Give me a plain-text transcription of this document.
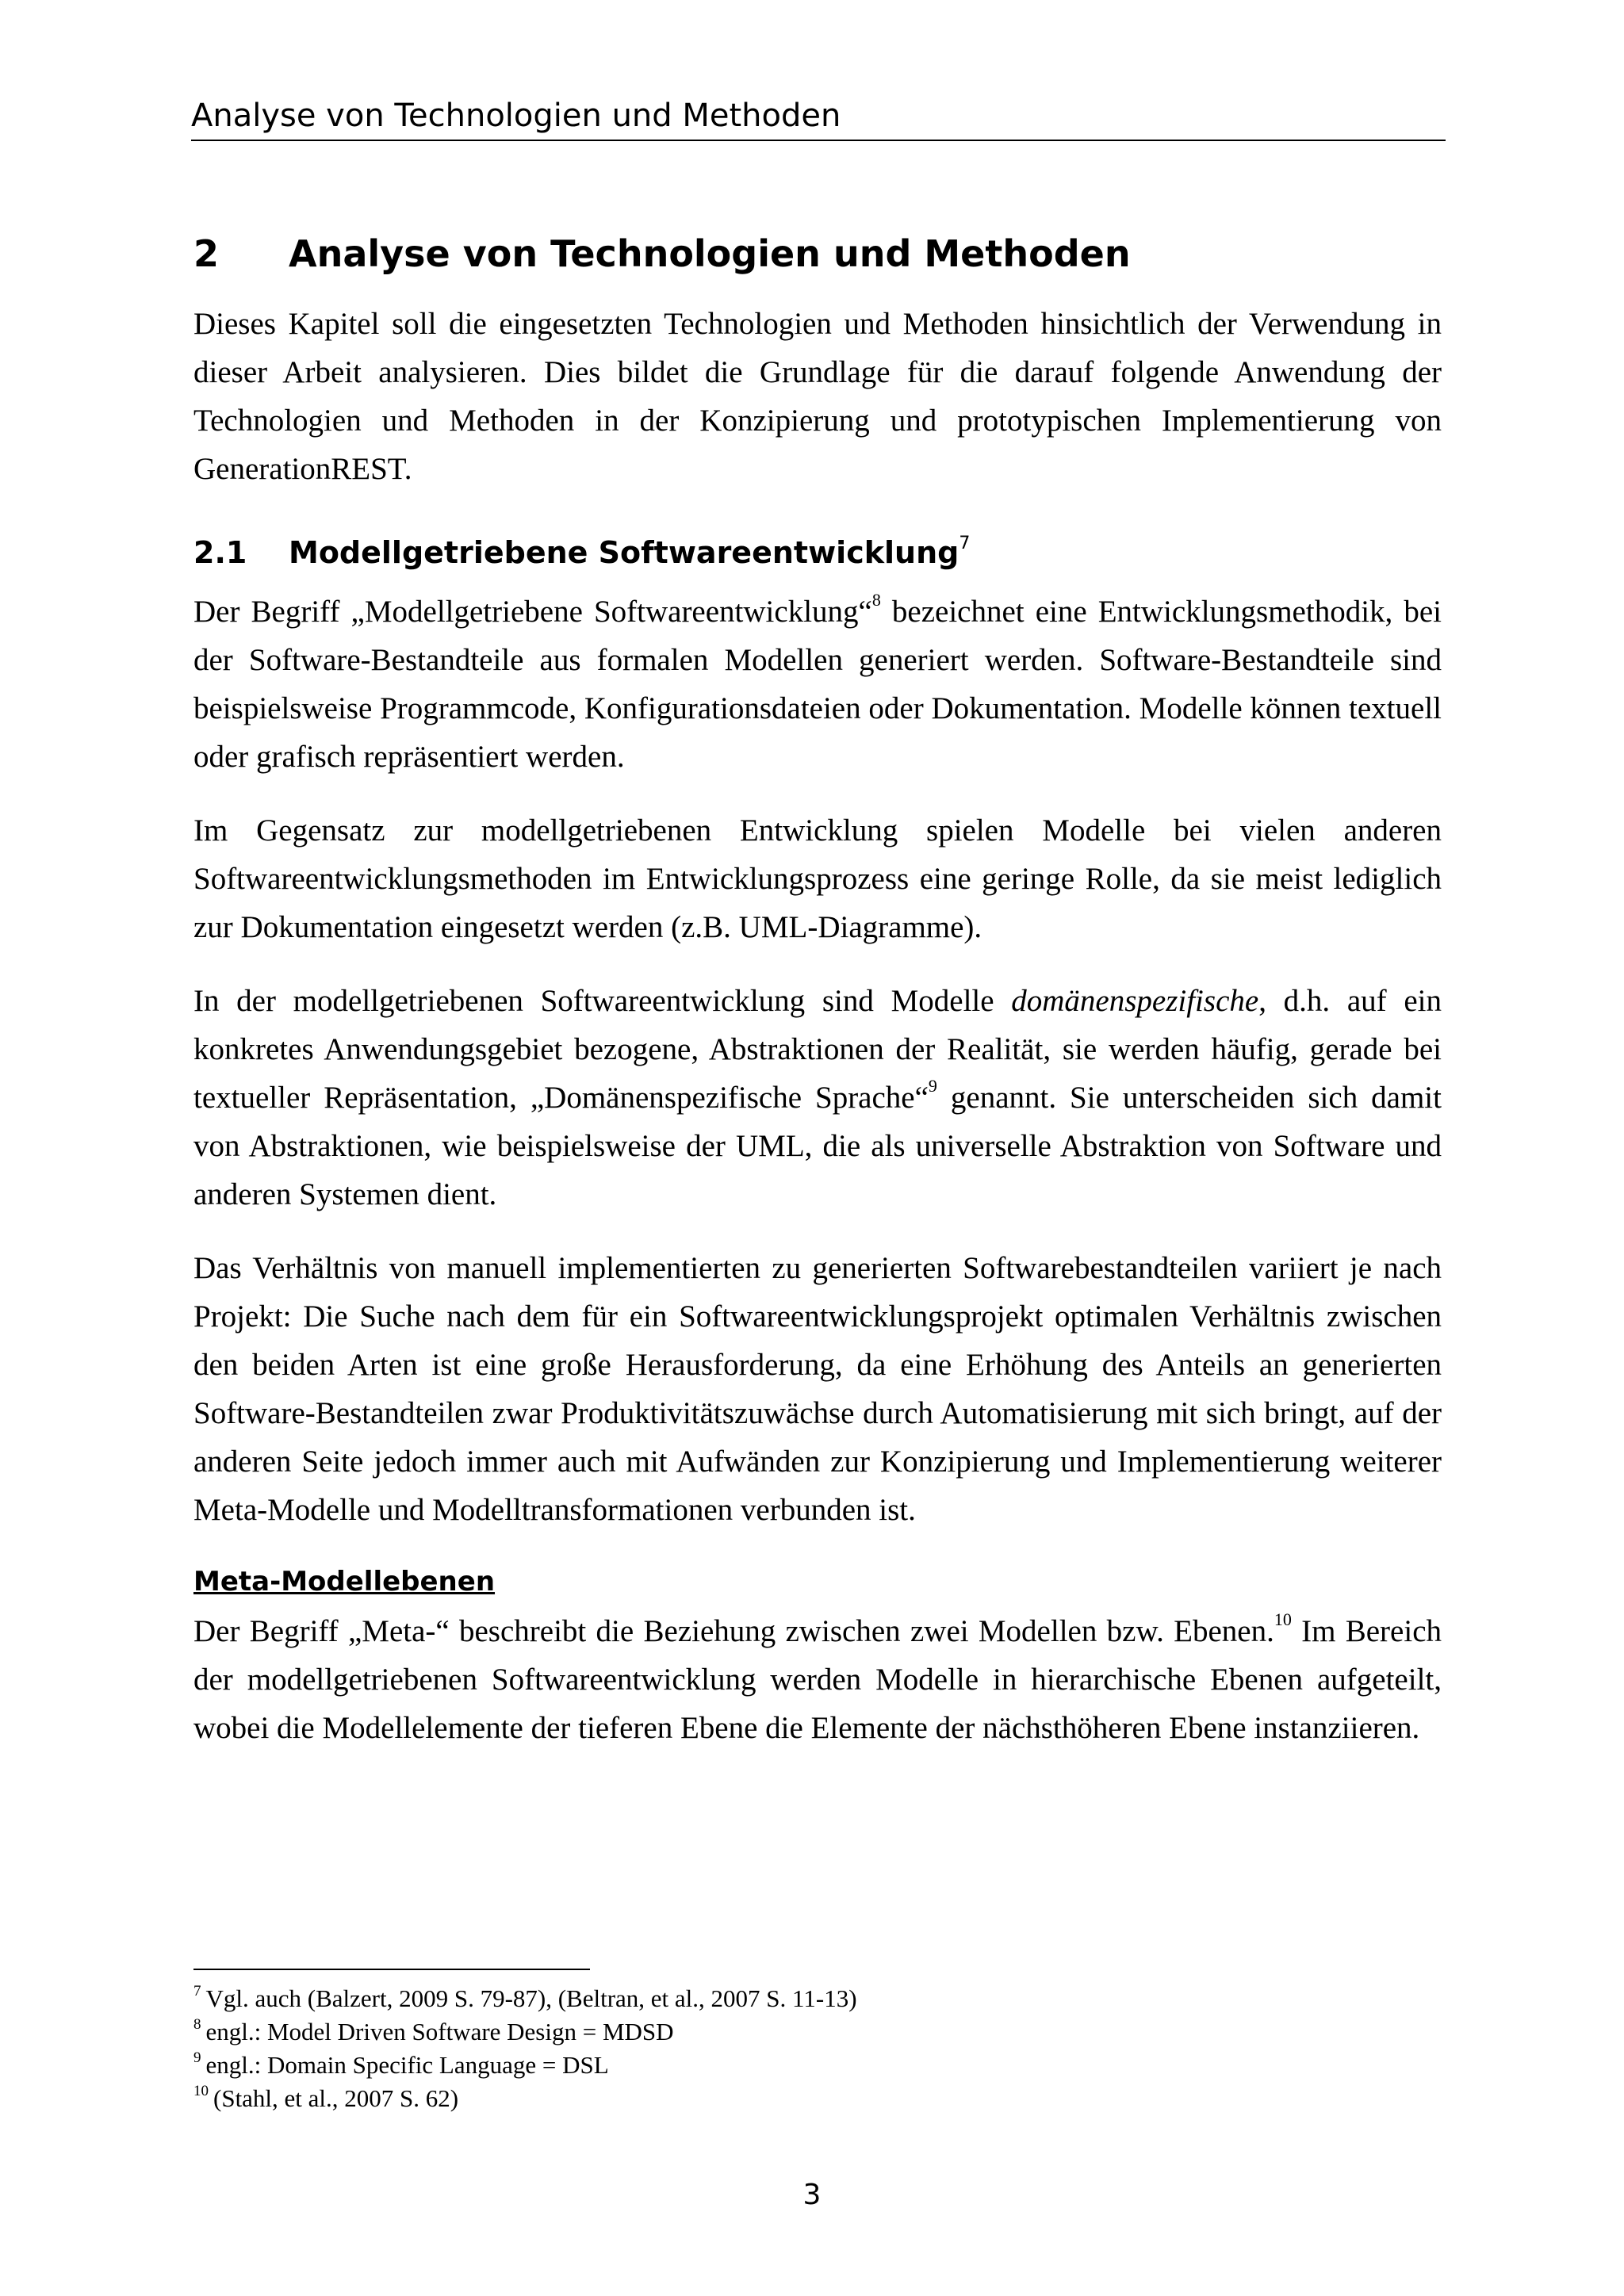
Analyse von Technologien und Methoden
2 Analyse von Technologien und Methoden

Dieses Kapitel soll die eingesetzten Technologien und Methoden hinsichtlich der Verwendung in dieser Arbeit analysieren. Dies bildet die Grundlage für die darauf folgende Anwendung der Technologien und Methoden in der Konzipierung und prototypischen Implementierung von GenerationREST.

2.1 Modellgetriebene Softwareentwicklung$^7$

Der Begriff „Modellgetriebene Softwareentwicklung“$^8$ bezeichnet eine Entwicklungsmethodik, bei der Software-Bestandteile aus formalen Modellen generiert werden. Software-Bestandteile sind beispielsweise Programmcode, Konfigurationsdateien oder Dokumentation. Modelle können textuell oder grafisch repräsentiert werden.

Im Gegensatz zur modellgetriebenen Entwicklung spielen Modelle bei vielen anderen Softwareentwicklungsmethoden im Entwicklungsprozess eine geringe Rolle, da sie meist lediglich zur Dokumentation eingesetzt werden (z.B. UML-Diagramme).

In der modellgetriebenen Softwareentwicklung sind Modelle domänenspezifische, d.h. auf ein konkretes Anwendungsgebiet bezogene, Abstraktionen der Realität, sie werden häufig, gerade bei textueller Repräsentation, „Domänenspezifische Sprache“$^9$ genannt. Sie unterscheiden sich damit von Abstraktionen, wie beispielsweise der UML, die als universelle Abstraktion von Software und anderen Systemen dient.

Das Verhältnis von manuell implementierten zu generierten Softwarebestandteilen variiert je nach Projekt: Die Suche nach dem für ein Softwareentwicklungsprojekt optimalen Verhältnis zwischen den beiden Arten ist eine große Herausforderung, da eine Erhöhung des Anteils an generierten Software-Bestandteilen zwar Produktivitätszuwächse durch Automatisierung mit sich bringt, auf der anderen Seite jedoch immer auch mit Aufwänden zur Konzipierung und Implementierung weiterer Meta-Modelle und Modelltransformationen verbunden ist.

Meta-Modellebenen

Der Begriff „Meta-“ beschreibt die Beziehung zwischen zwei Modellen bzw. Ebenen.$^{10}$ Im Bereich der modellgetriebenen Softwareentwicklung werden Modelle in hierarchische Ebenen aufgeteilt, wobei die Modellelemente der tieferen Ebene die Elemente der nächsthöheren Ebene instanziieren.

$^7$ Vgl. auch (Balzert, 2009 S. 79-87), (Beltran, et al., 2007 S. 11-13)

$^8$ engl.: Model Driven Software Design = MDSD

$^9$ engl.: Domain Specific Language = DSL

$^{10}$ (Stahl, et al., 2007 S. 62)

3
